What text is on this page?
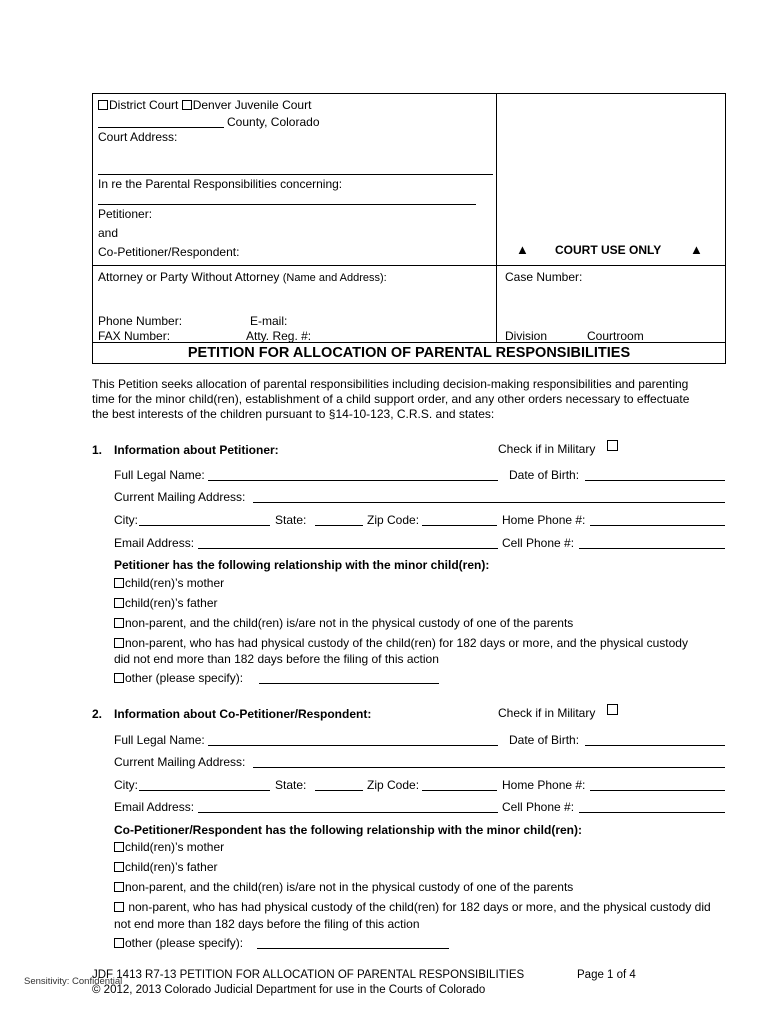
District Court Denver Juvenile Court
County, Colorado
Court Address:
In re the Parental Responsibilities concerning:
Petitioner:
and
Co-Petitioner/Respondent:	▲ COURT USE ONLY ▲
Attorney or Party Without Attorney (Name and Address):	Case Number:
Phone Number:	E-mail:
FAX Number:	Atty. Reg. #:	Division	Courtroom
PETITION FOR ALLOCATION OF PARENTAL RESPONSIBILITIES
This Petition seeks allocation of parental responsibilities including decision-making responsibilities and parenting
time for the minor child(ren), establishment of a child support order, and any other orders necessary to effectuate
the best interests of the children pursuant to §14-10-123, C.R.S. and states:
1. Information about Petitioner:	Check if in Military
Full Legal Name:	Date of Birth:
Current Mailing Address:
City:	State:	Zip Code:	Home Phone #:
Email Address:	Cell Phone #:
Petitioner has the following relationship with the minor child(ren):
child(ren)’s mother
child(ren)’s father
non-parent, and the child(ren) is/are not in the physical custody of one of the parents
non-parent, who has had physical custody of the child(ren) for 182 days or more, and the physical custody
did not end more than 182 days before the filing of this action
other (please specify):
2. Information about Co-Petitioner/Respondent:	Check if in Military
Full Legal Name:	Date of Birth:
Current Mailing Address:
City:	State:	Zip Code:	Home Phone #:
Email Address:	Cell Phone #:
Co-Petitioner/Respondent has the following relationship with the minor child(ren):
child(ren)’s mother
child(ren)’s father
non-parent, and the child(ren) is/are not in the physical custody of one of the parents
non-parent, who has had physical custody of the child(ren) for 182 days or more, and the physical custody did
not end more than 182 days before the filing of this action
other (please specify):
JDF 1413 R7-13 PETITION FOR ALLOCATION OF PARENTAL RESPONSIBILITIES	Page 1 of 4
© 2012, 2013 Colorado Judicial Department for use in the Courts of Colorado
Sensitivity: Confidential
